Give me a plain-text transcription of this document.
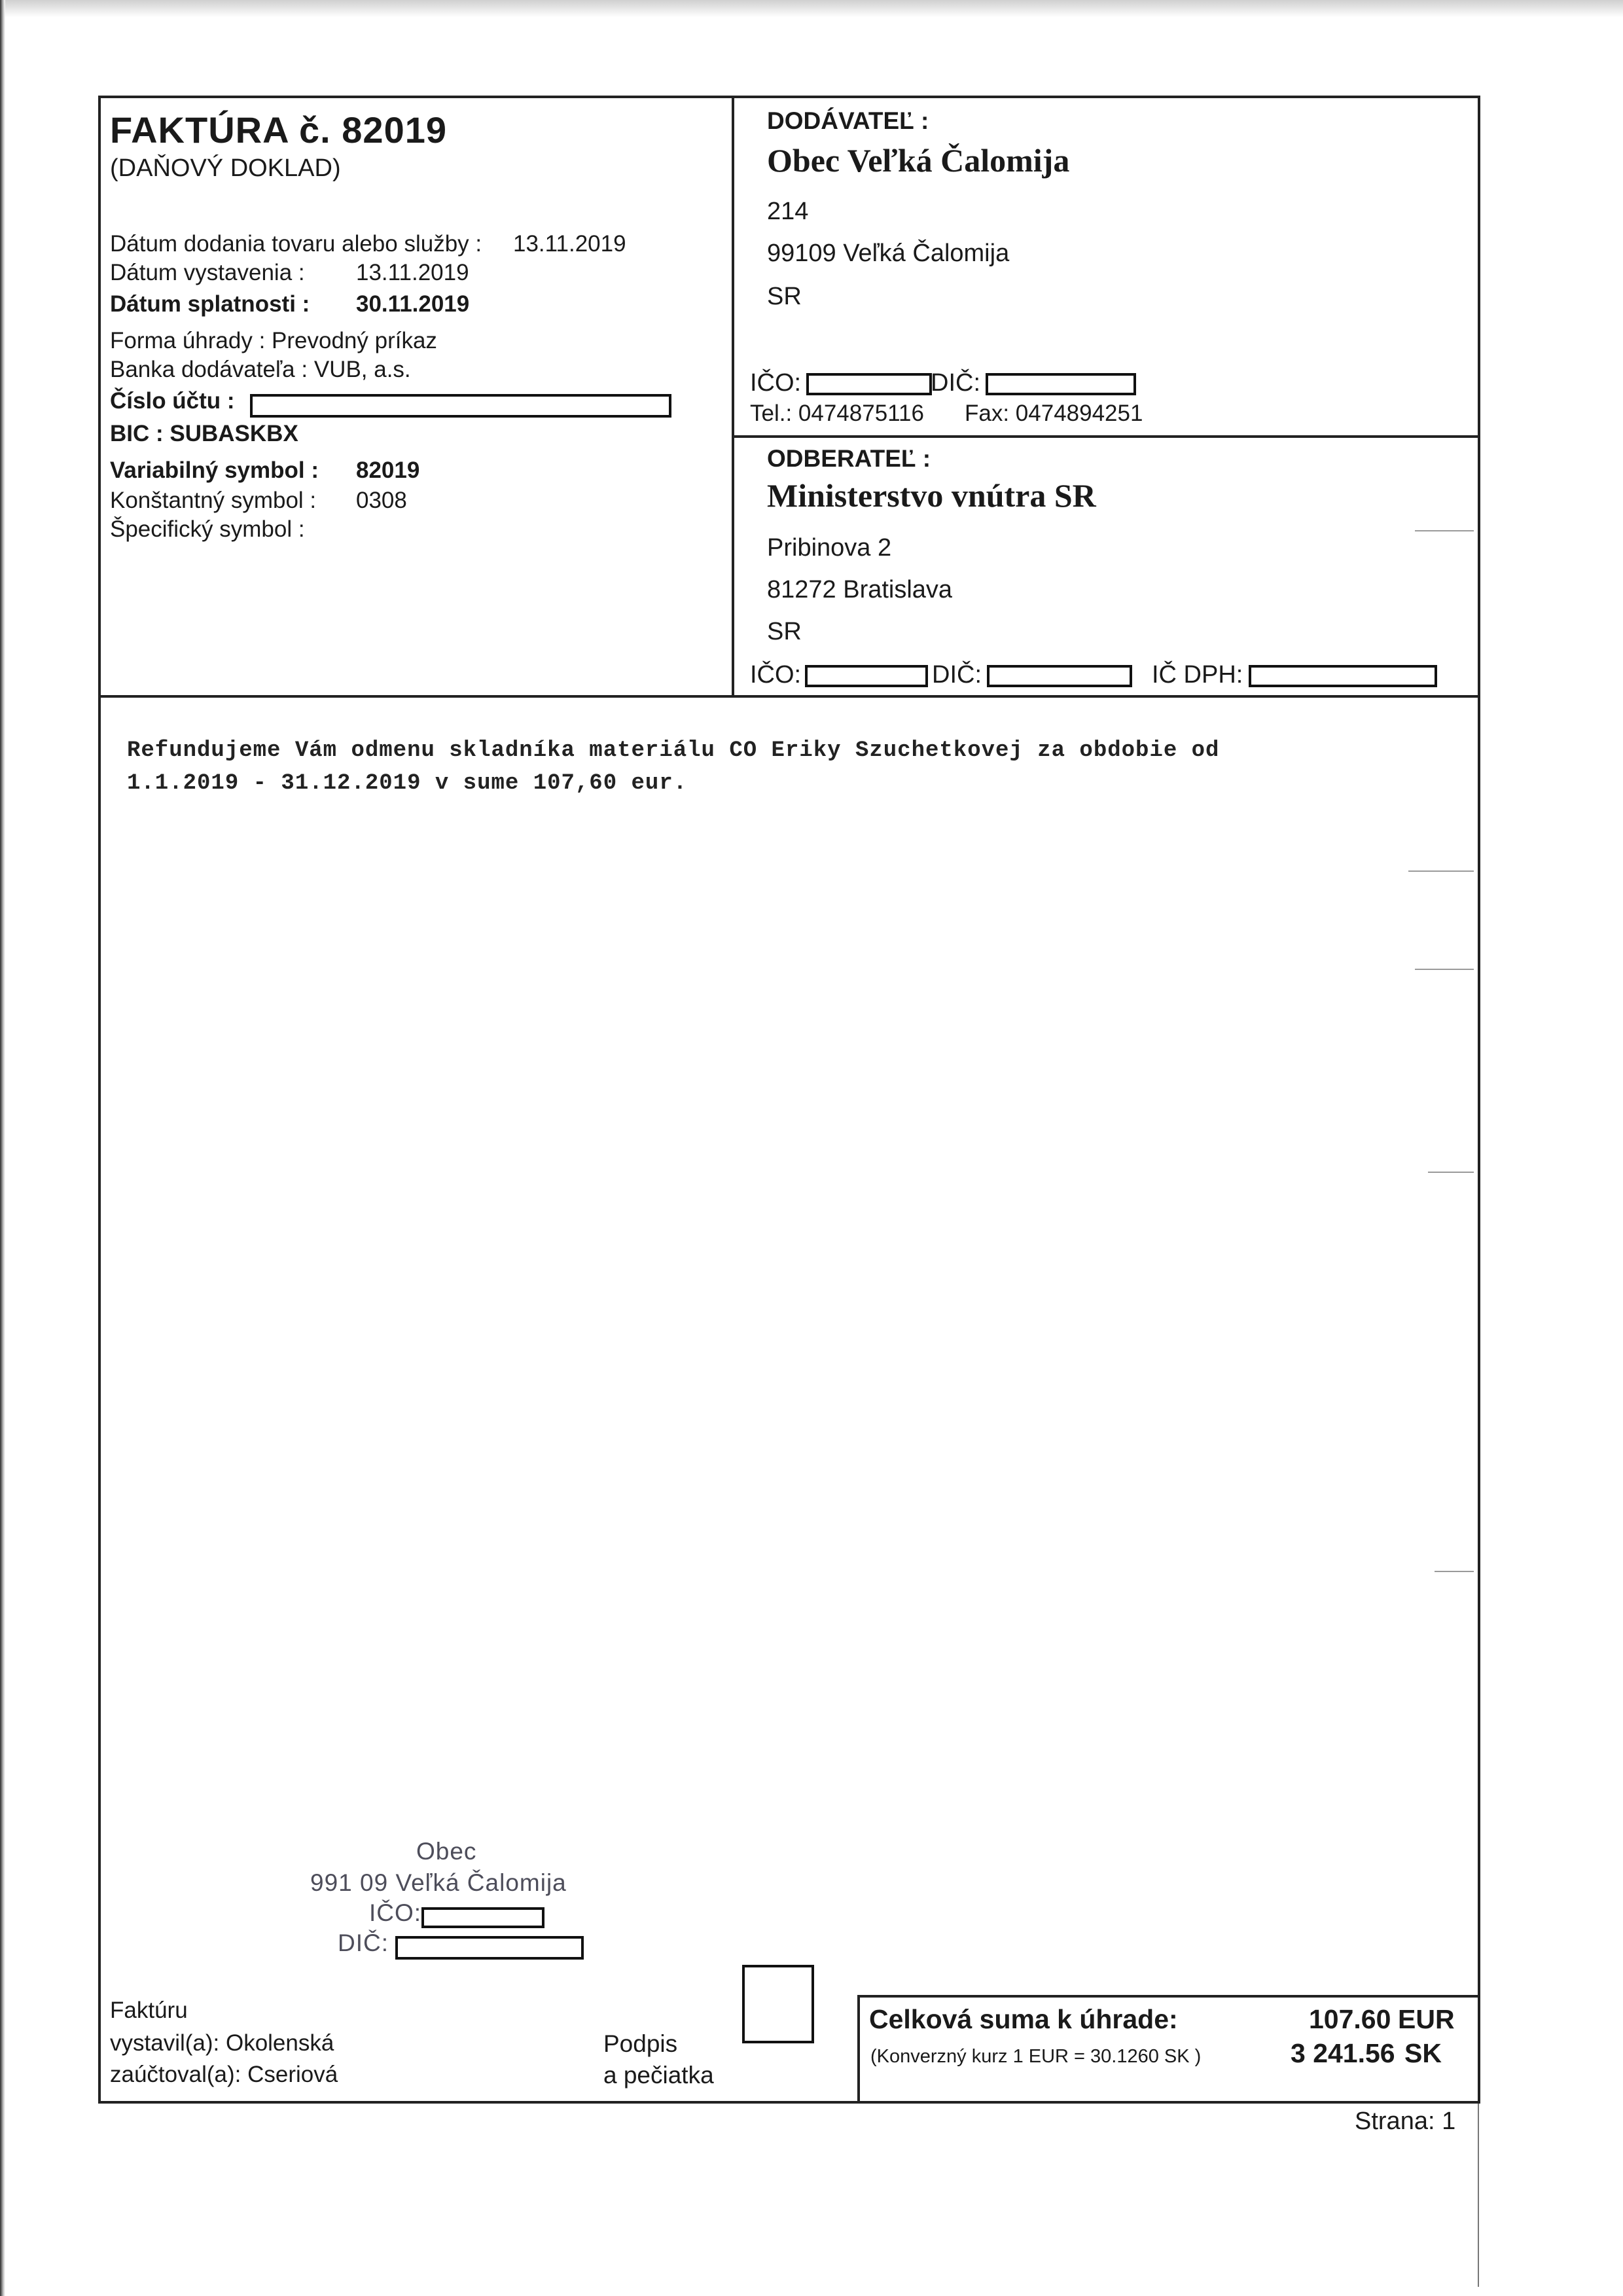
FAKTÚRA č. 82019
(DAŇOVÝ DOKLAD)
Dátum dodania tovaru alebo služby : 13.11.2019
Dátum vystavenia : 13.11.2019
Dátum splatnosti : 30.11.2019
Forma úhrady : Prevodný príkaz
Banka dodávateľa : VUB, a.s.
Číslo účtu :
BIC : SUBASKBX
Variabilný symbol : 82019
Konštantný symbol : 0308
Špecifický symbol :
DODÁVATEĽ :
Obec Veľká Čalomija
214
99109 Veľká Čalomija
SR
IČO:	DIČ:
Tel.: 0474875116 Fax: 0474894251
ODBERATEĽ :
Ministerstvo vnútra SR
Pribinova 2
81272 Bratislava
SR
IČO:	DIČ:	IČ DPH:
Refundujeme Vám odmenu skladníka materiálu CO Eriky Szuchetkovej za obdobie od
1.1.2019 - 31.12.2019 v sume 107,60 eur.
Obec
991 09 Veľká Čalomija
IČO:
DIČ:
Faktúru
vystavil(a): Okolenská
zaúčtoval(a): Cseriová
Podpis
a pečiatka
Celková suma k úhrade:	107.60 EUR
(Konverzný kurz 1 EUR = 30.1260 SK )	3 241.56 SK
Strana: 1
